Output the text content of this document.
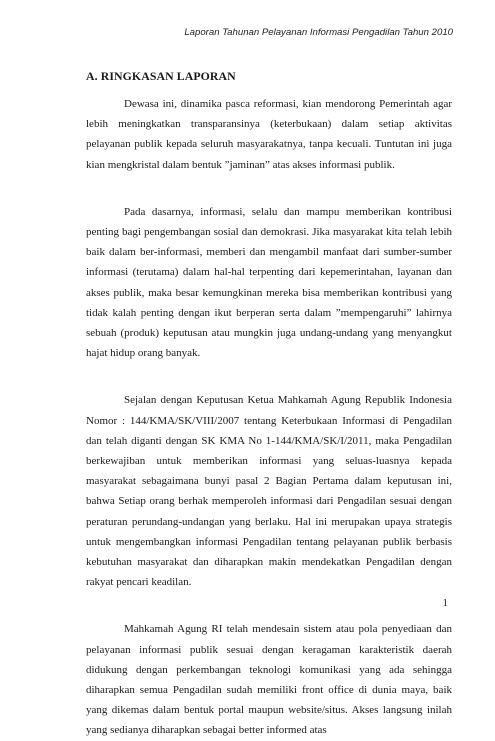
Laporan Tahunan Pelayanan Informasi Pengadilan Tahun 2010
A. RINGKASAN LAPORAN

Dewasa ini, dinamika pasca reformasi, kian mendorong Pemerintah agar lebih meningkatkan transparansinya (keterbukaan) dalam setiap aktivitas pelayanan publik kepada seluruh masyarakatnya, tanpa kecuali. Tuntutan ini juga kian mengkristal dalam bentuk ”jaminan” atas akses informasi publik.

Pada dasarnya, informasi, selalu dan mampu memberikan kontribusi penting bagi pengembangan sosial dan demokrasi. Jika masyarakat kita telah lebih baik dalam ber-informasi, memberi dan mengambil manfaat dari sumber-sumber informasi (terutama) dalam hal-hal terpenting dari kepemerintahan, layanan dan akses publik, maka besar kemungkinan mereka bisa memberikan kontribusi yang tidak kalah penting dengan ikut berperan serta dalam ”mempengaruhi” lahirnya sebuah (produk) keputusan atau mungkin juga undang-undang yang menyangkut hajat hidup orang banyak.

Sejalan dengan Keputusan Ketua Mahkamah Agung Republik Indonesia Nomor : 144/KMA/SK/VIII/2007 tentang Keterbukaan Informasi di Pengadilan dan telah diganti dengan SK KMA No 1-144/KMA/SK/I/2011, maka Pengadilan berkewajiban untuk memberikan informasi yang seluas-luasnya kepada masyarakat sebagaimana bunyi pasal 2 Bagian Pertama dalam keputusan ini, bahwa Setiap orang berhak memperoleh informasi dari Pengadilan sesuai dengan peraturan perundang-undangan yang berlaku. Hal ini merupakan upaya strategis untuk mengembangkan informasi Pengadilan tentang pelayanan publik berbasis kebutuhan masyarakat dan diharapkan makin mendekatkan Pengadilan dengan rakyat pencari keadilan.

Mahkamah Agung RI telah mendesain sistem atau pola penyediaan dan pelayanan informasi publik sesuai dengan keragaman karakteristik daerah didukung dengan perkembangan teknologi komunikasi yang ada sehingga diharapkan semua Pengadilan sudah memiliki front office di dunia maya, baik yang dikemas dalam bentuk portal maupun website/situs. Akses langsung inilah yang sedianya diharapkan sebagai better informed atas

1
